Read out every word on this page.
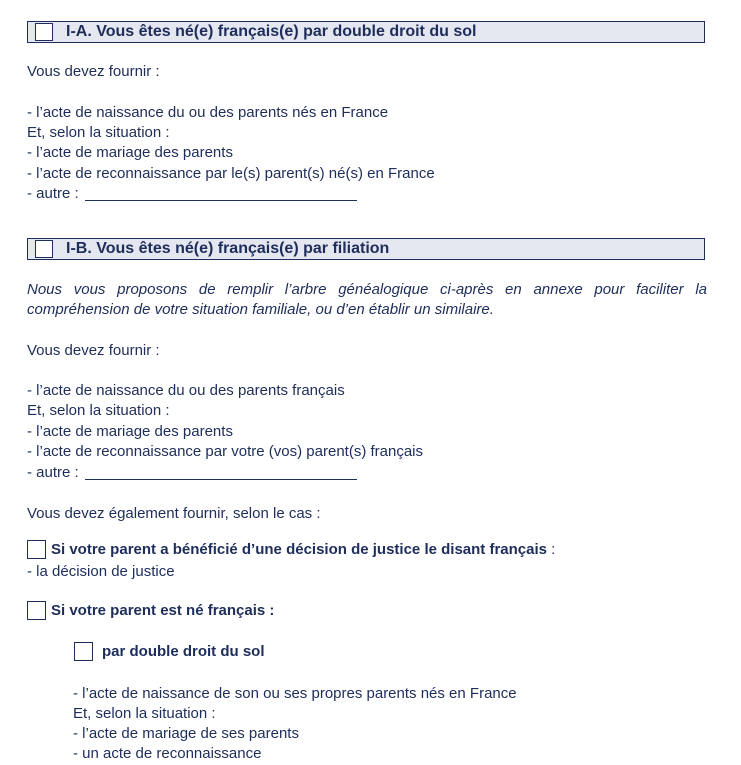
I-A. Vous êtes né(e) français(e) par double droit du sol
Vous devez fournir :
- l’acte de naissance du ou des parents nés en France
Et, selon la situation :
- l’acte de mariage des parents
- l’acte de reconnaissance par le(s) parent(s) né(s) en France
- autre :
I-B. Vous êtes né(e) français(e) par filiation
Nous vous proposons de remplir l’arbre généalogique ci-après en annexe pour faciliter la compréhension de votre situation familiale, ou d’en établir un similaire.
Vous devez fournir :
- l’acte de naissance du ou des parents français
Et, selon la situation :
- l’acte de mariage des parents
- l’acte de reconnaissance par votre (vos) parent(s) français
- autre :
Vous devez également fournir, selon le cas :
Si votre parent a bénéficié d’une décision de justice le disant français :
- la décision de justice
Si votre parent est né français :
par double droit du sol
- l’acte de naissance de son ou ses propres parents nés en France
Et, selon la situation :
- l’acte de mariage de ses parents
- un acte de reconnaissance
